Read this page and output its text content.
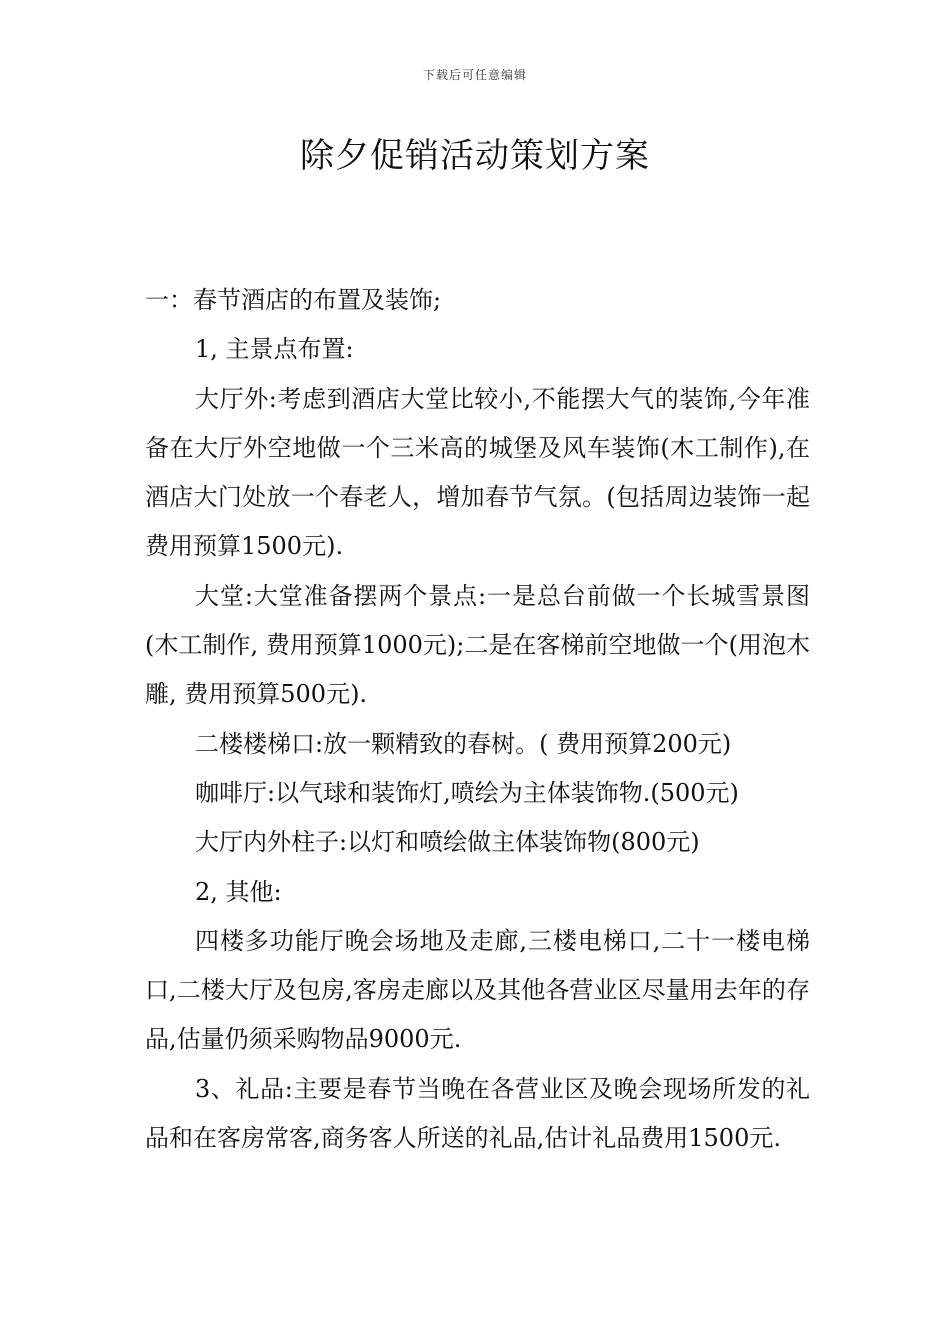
下载后可任意编辑
除夕促销活动策划方案

一：春节酒店的布置及装饰;

1, 主景点布置:

大厅外:考虑到酒店大堂比较小,不能摆大气的装饰,今年准备在大厅外空地做一个三米高的城堡及风车装饰(木工制作),在酒店大门处放一个春老人，增加春节气氛。(包括周边装饰一起费用预算1500元).

大堂:大堂准备摆两个景点:一是总台前做一个长城雪景图(木工制作, 费用预算1000元);二是在客梯前空地做一个(用泡木雕, 费用预算500元).

二楼楼梯口:放一颗精致的春树。( 费用预算200元)

咖啡厅:以气球和装饰灯,喷绘为主体装饰物.(500元)

大厅内外柱子:以灯和喷绘做主体装饰物(800元)

2, 其他:

四楼多功能厅晚会场地及走廊,三楼电梯口,二十一楼电梯口,二楼大厅及包房,客房走廊以及其他各营业区尽量用去年的存品,估量仍须采购物品9000元.

3、礼品:主要是春节当晚在各营业区及晚会现场所发的礼品和在客房常客,商务客人所送的礼品,估计礼品费用1500元.
